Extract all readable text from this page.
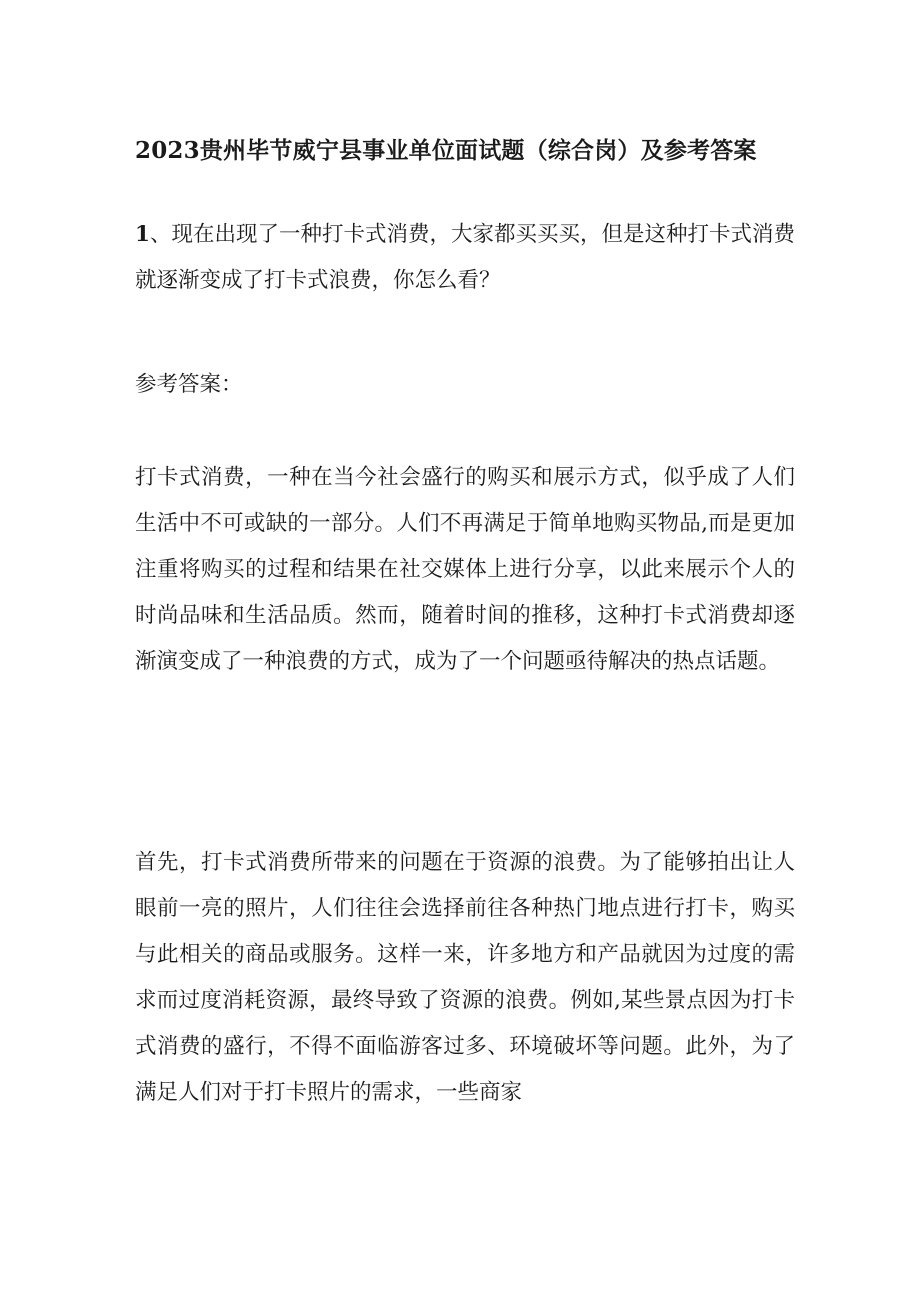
2023贵州毕节威宁县事业单位面试题（综合岗）及参考答案

1、现在出现了一种打卡式消费，大家都买买买，但是这种打卡式消费就逐渐变成了打卡式浪费，你怎么看？

参考答案：

打卡式消费，一种在当今社会盛行的购买和展示方式，似乎成了人们生活中不可或缺的一部分。人们不再满足于简单地购买物品,而是更加注重将购买的过程和结果在社交媒体上进行分享，以此来展示个人的时尚品味和生活品质。然而，随着时间的推移，这种打卡式消费却逐渐演变成了一种浪费的方式，成为了一个问题亟待解决的热点话题。

首先，打卡式消费所带来的问题在于资源的浪费。为了能够拍出让人眼前一亮的照片，人们往往会选择前往各种热门地点进行打卡，购买与此相关的商品或服务。这样一来，许多地方和产品就因为过度的需求而过度消耗资源，最终导致了资源的浪费。例如,某些景点因为打卡式消费的盛行，不得不面临游客过多、环境破坏等问题。此外，为了满足人们对于打卡照片的需求，一些商家
